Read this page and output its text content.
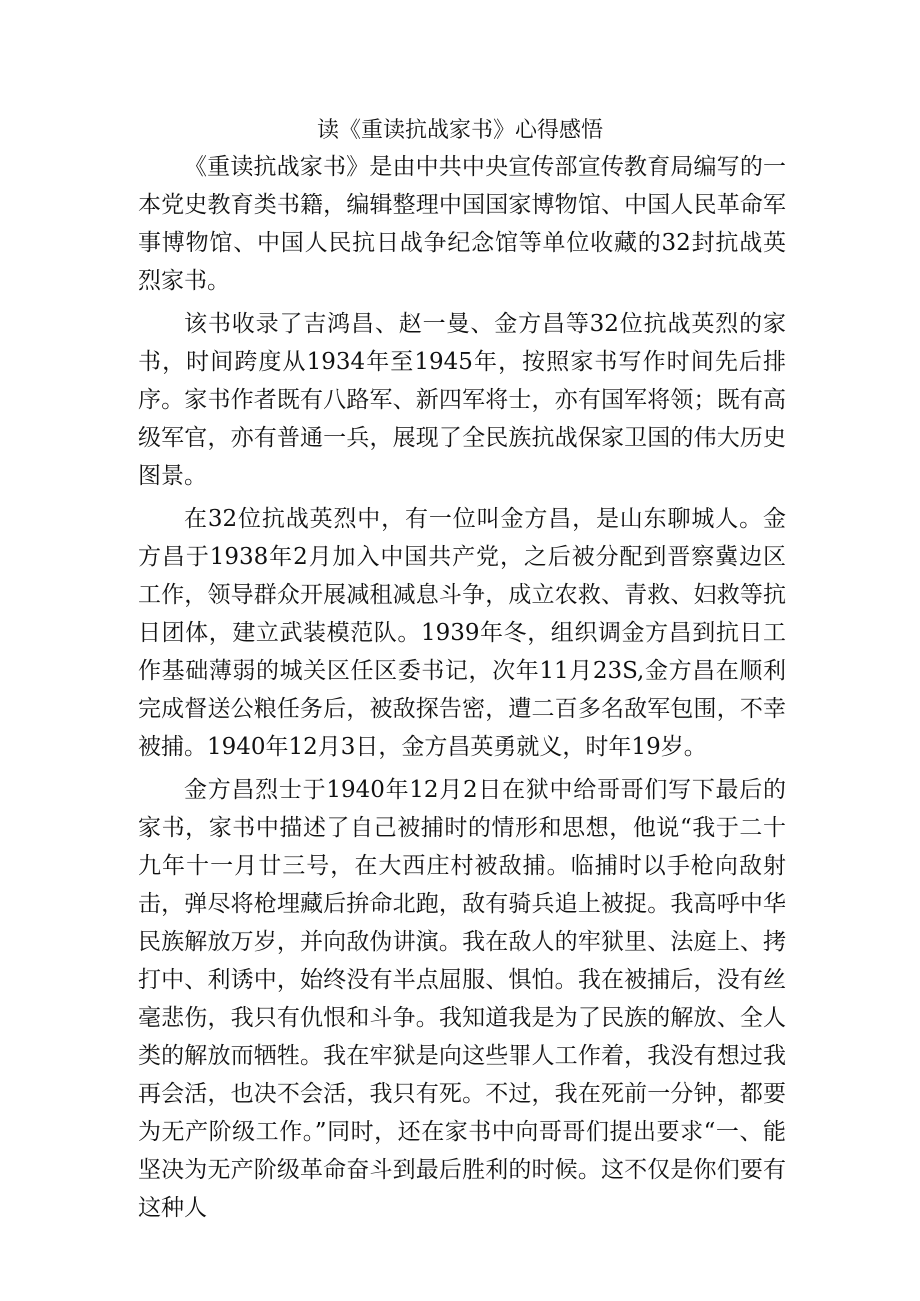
读《重读抗战家书》心得感悟

《重读抗战家书》是由中共中央宣传部宣传教育局编写的一本党史教育类书籍，编辑整理中国国家博物馆、中国人民革命军事博物馆、中国人民抗日战争纪念馆等单位收藏的32封抗战英烈家书。

该书收录了吉鸿昌、赵一曼、金方昌等32位抗战英烈的家书，时间跨度从1934年至1945年，按照家书写作时间先后排序。家书作者既有八路军、新四军将士，亦有国军将领；既有高级军官，亦有普通一兵，展现了全民族抗战保家卫国的伟大历史图景。

在32位抗战英烈中，有一位叫金方昌，是山东聊城人。金方昌于1938年2月加入中国共产党，之后被分配到晋察冀边区工作，领导群众开展减租减息斗争，成立农救、青救、妇救等抗日团体，建立武装模范队。1939年冬，组织调金方昌到抗日工作基础薄弱的城关区任区委书记，次年11月23S,金方昌在顺利完成督送公粮任务后，被敌探告密，遭二百多名敌军包围，不幸被捕。1940年12月3日，金方昌英勇就义，时年19岁。

金方昌烈士于1940年12月2日在狱中给哥哥们写下最后的家书，家书中描述了自己被捕时的情形和思想，他说“我于二十九年十一月廿三号，在大西庄村被敌捕。临捕时以手枪向敌射击，弹尽将枪埋藏后拚命北跑，敌有骑兵追上被捉。我高呼中华民族解放万岁，并向敌伪讲演。我在敌人的牢狱里、法庭上、拷打中、利诱中，始终没有半点屈服、惧怕。我在被捕后，没有丝毫悲伤，我只有仇恨和斗争。我知道我是为了民族的解放、全人类的解放而牺牲。我在牢狱是向这些罪人工作着，我没有想过我再会活，也决不会活，我只有死。不过，我在死前一分钟，都要为无产阶级工作。”同时，还在家书中向哥哥们提出要求“一、能坚决为无产阶级革命奋斗到最后胜利的时候。这不仅是你们要有这种人
